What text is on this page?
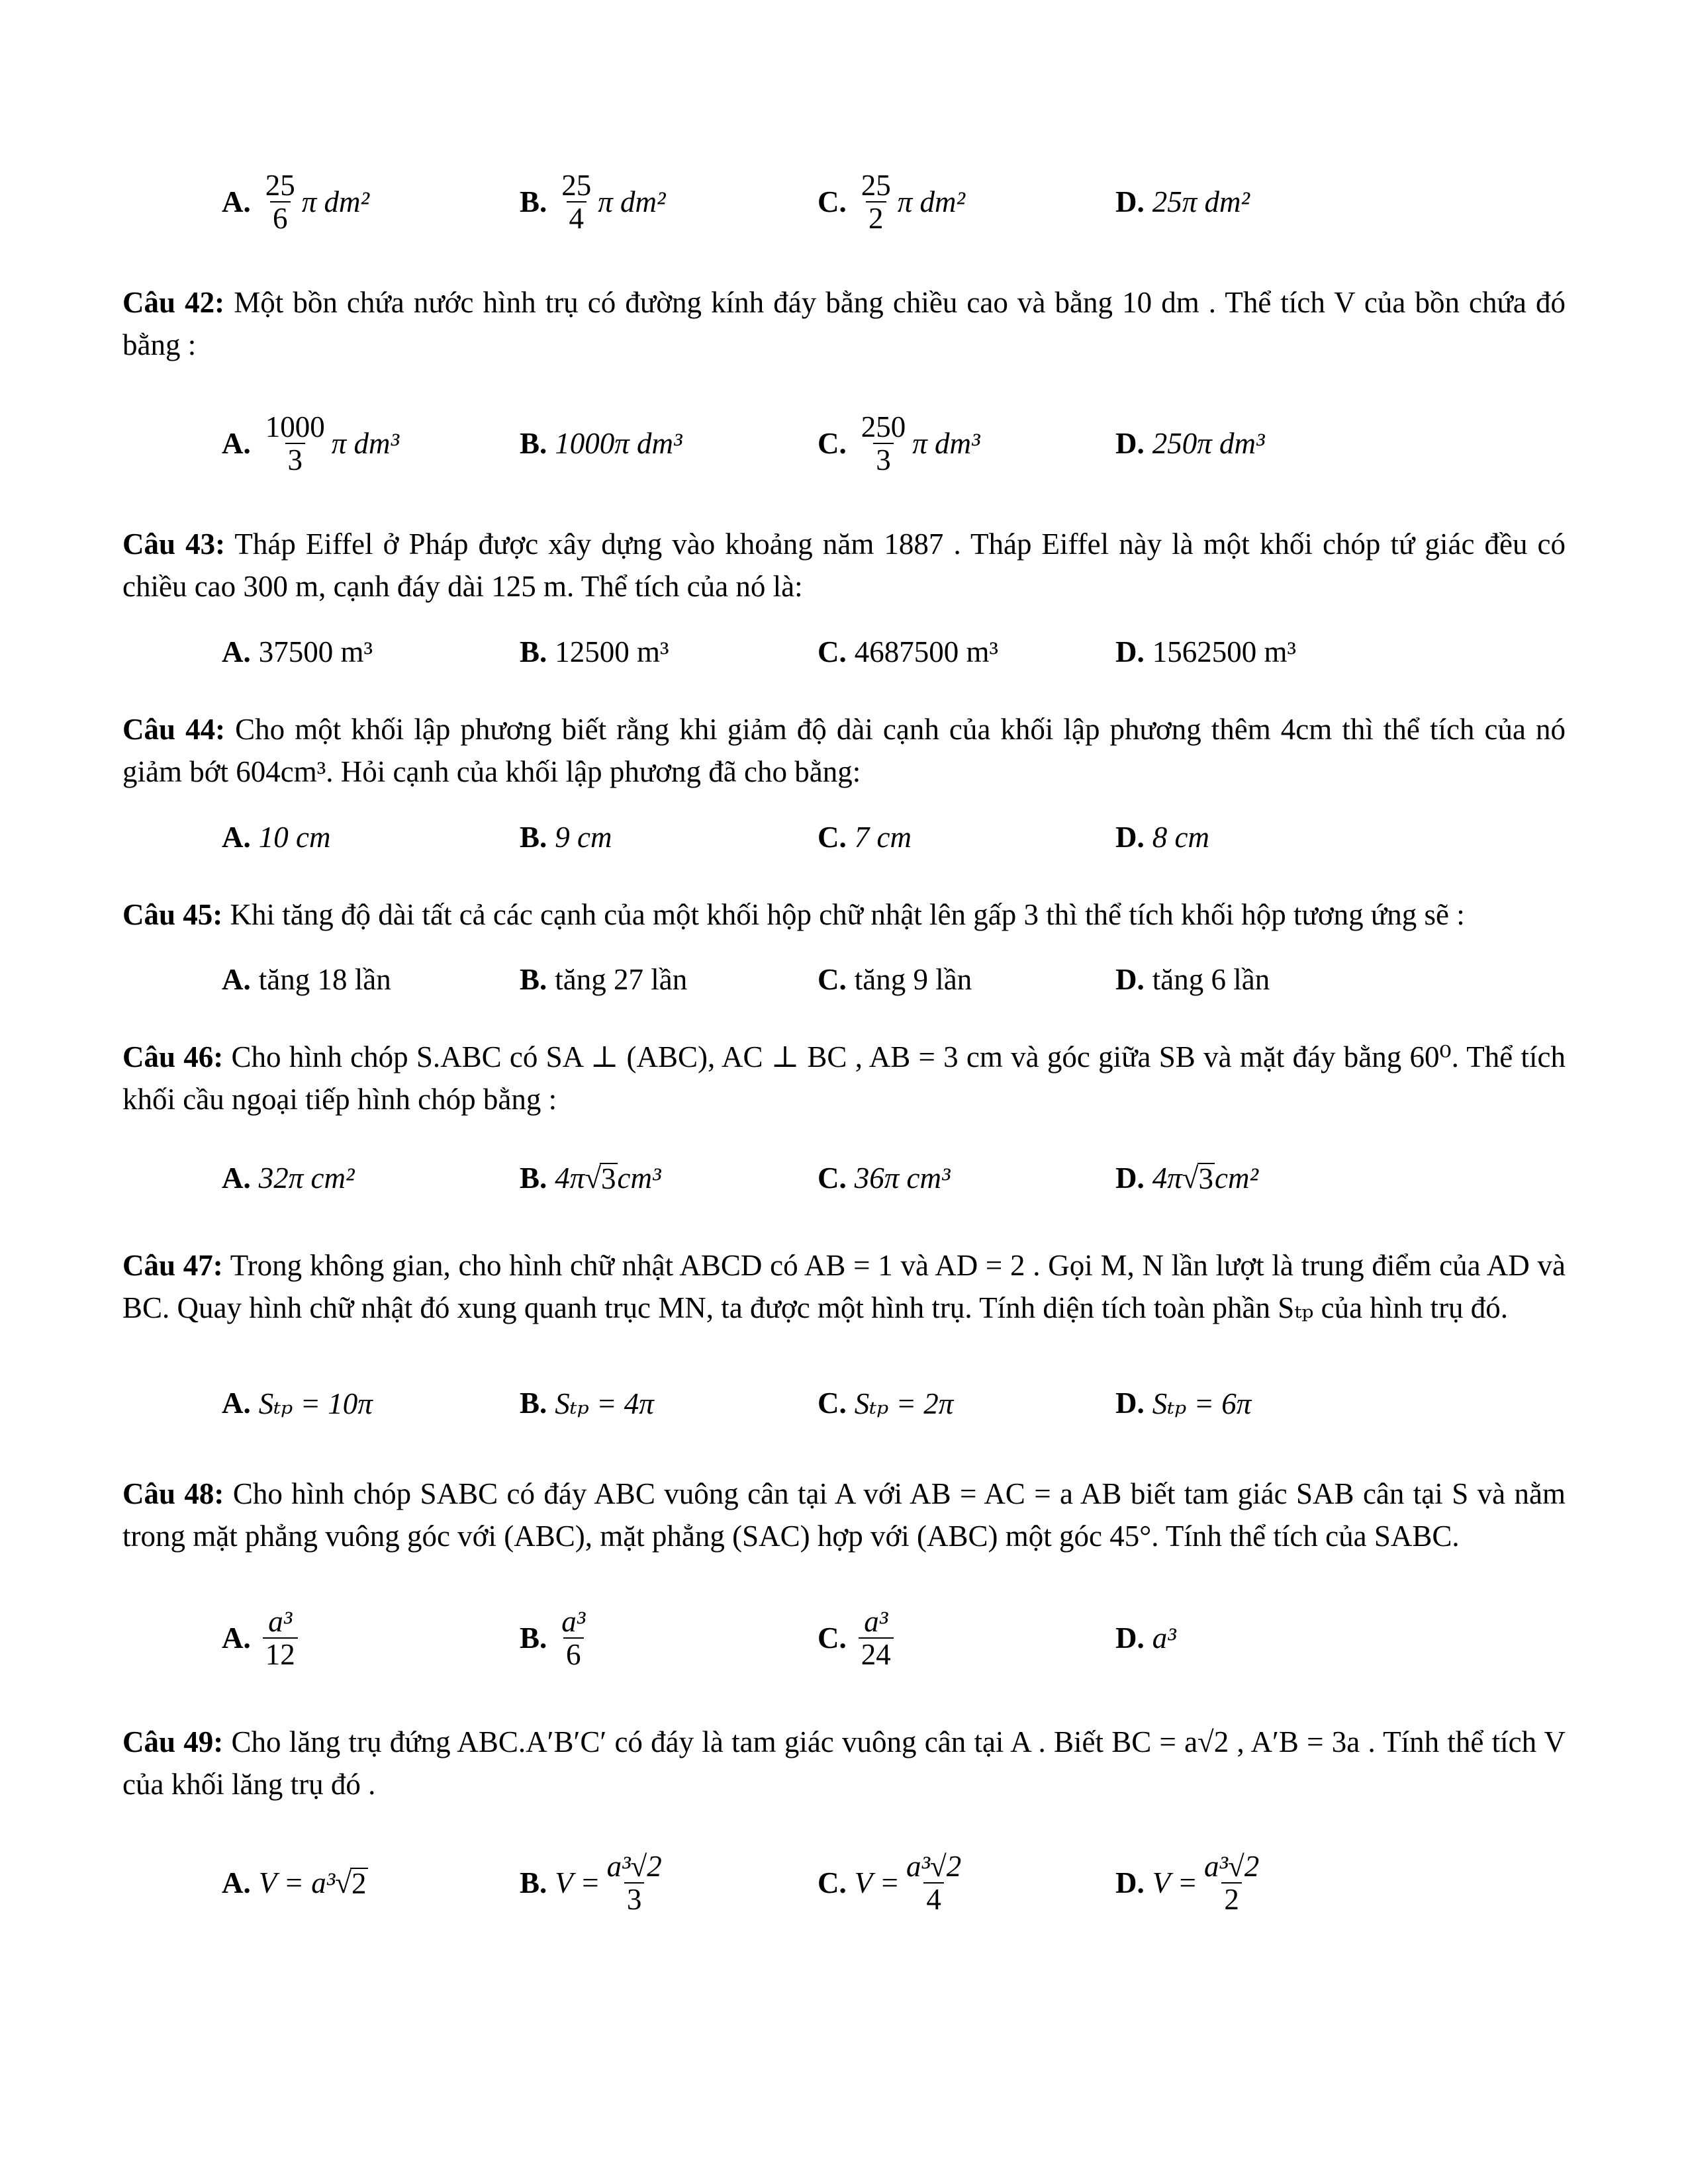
A. $\frac{25}{6}$ π dm²	B. $\frac{25}{4}$ π dm²	C. $\frac{25}{2}$ π dm²	D. 25π dm²
Câu 42: Một bồn chứa nước hình trụ có đường kính đáy bằng chiều cao và bằng 10 dm . Thể tích V của bồn chứa đó bằng :
A. $\frac{1000}{3}$ π dm³	B. 1000π dm³	C. $\frac{250}{3}$ π dm³	D. 250π dm³
Câu 43: Tháp Eiffel ở Pháp được xây dựng vào khoảng năm 1887 . Tháp Eiffel này là một khối chóp tứ giác đều có chiều cao 300 m, cạnh đáy dài 125 m. Thể tích của nó là:
A. 37500 m³	B. 12500 m³	C. 4687500 m³	D. 1562500 m³
Câu 44: Cho một khối lập phương biết rằng khi giảm độ dài cạnh của khối lập phương thêm 4cm thì thể tích của nó giảm bớt 604cm³. Hỏi cạnh của khối lập phương đã cho bằng:
A. 10 cm	B. 9 cm	C. 7 cm	D. 8 cm
Câu 45: Khi tăng độ dài tất cả các cạnh của một khối hộp chữ nhật lên gấp 3 thì thể tích khối hộp tương ứng sẽ :
A. tăng 18 lần	B. tăng 27 lần	C. tăng 9 lần	D. tăng 6 lần
Câu 46: Cho hình chóp S.ABC có SA ⊥ (ABC), AC ⊥ BC , AB = 3 cm và góc giữa SB và mặt đáy bằng 60⁰. Thể tích khối cầu ngoại tiếp hình chóp bằng :
A. 32π cm²	B. 4π √ 3 cm³	C. 36π cm³	D. 4π √ 3 cm²
Câu 47: Trong không gian, cho hình chữ nhật ABCD có AB = 1 và AD = 2 . Gọi M, N lần lượt là trung điểm của AD và BC. Quay hình chữ nhật đó xung quanh trục MN, ta được một hình trụ. Tính diện tích toàn phần Sₜₚ của hình trụ đó.
A. Sₜₚ = 10π	B. Sₜₚ = 4π	C. Sₜₚ = 2π	D. Sₜₚ = 6π
Câu 48: Cho hình chóp SABC có đáy ABC vuông cân tại A với AB = AC = a AB biết tam giác SAB cân tại S và nằm trong mặt phẳng vuông góc với (ABC), mặt phẳng (SAC) hợp với (ABC) một góc 45°. Tính thể tích của SABC.
A. $\frac{\text{a³}}{12}$	B. $\frac{\text{a³}}{6}$	C. $\frac{\text{a³}}{24}$	D. a³
Câu 49: Cho lăng trụ đứng ABC.A′B′C′ có đáy là tam giác vuông cân tại A . Biết BC = a√2 , A′B = 3a . Tính thể tích V của khối lăng trụ đó .
A. V = a³ √ 2	B. $V = \frac{\text{a³√2}}{3}$	C. $V = \frac{\text{a³√2}}{4}$	D. $V = \frac{\text{a³√2}}{2}$
